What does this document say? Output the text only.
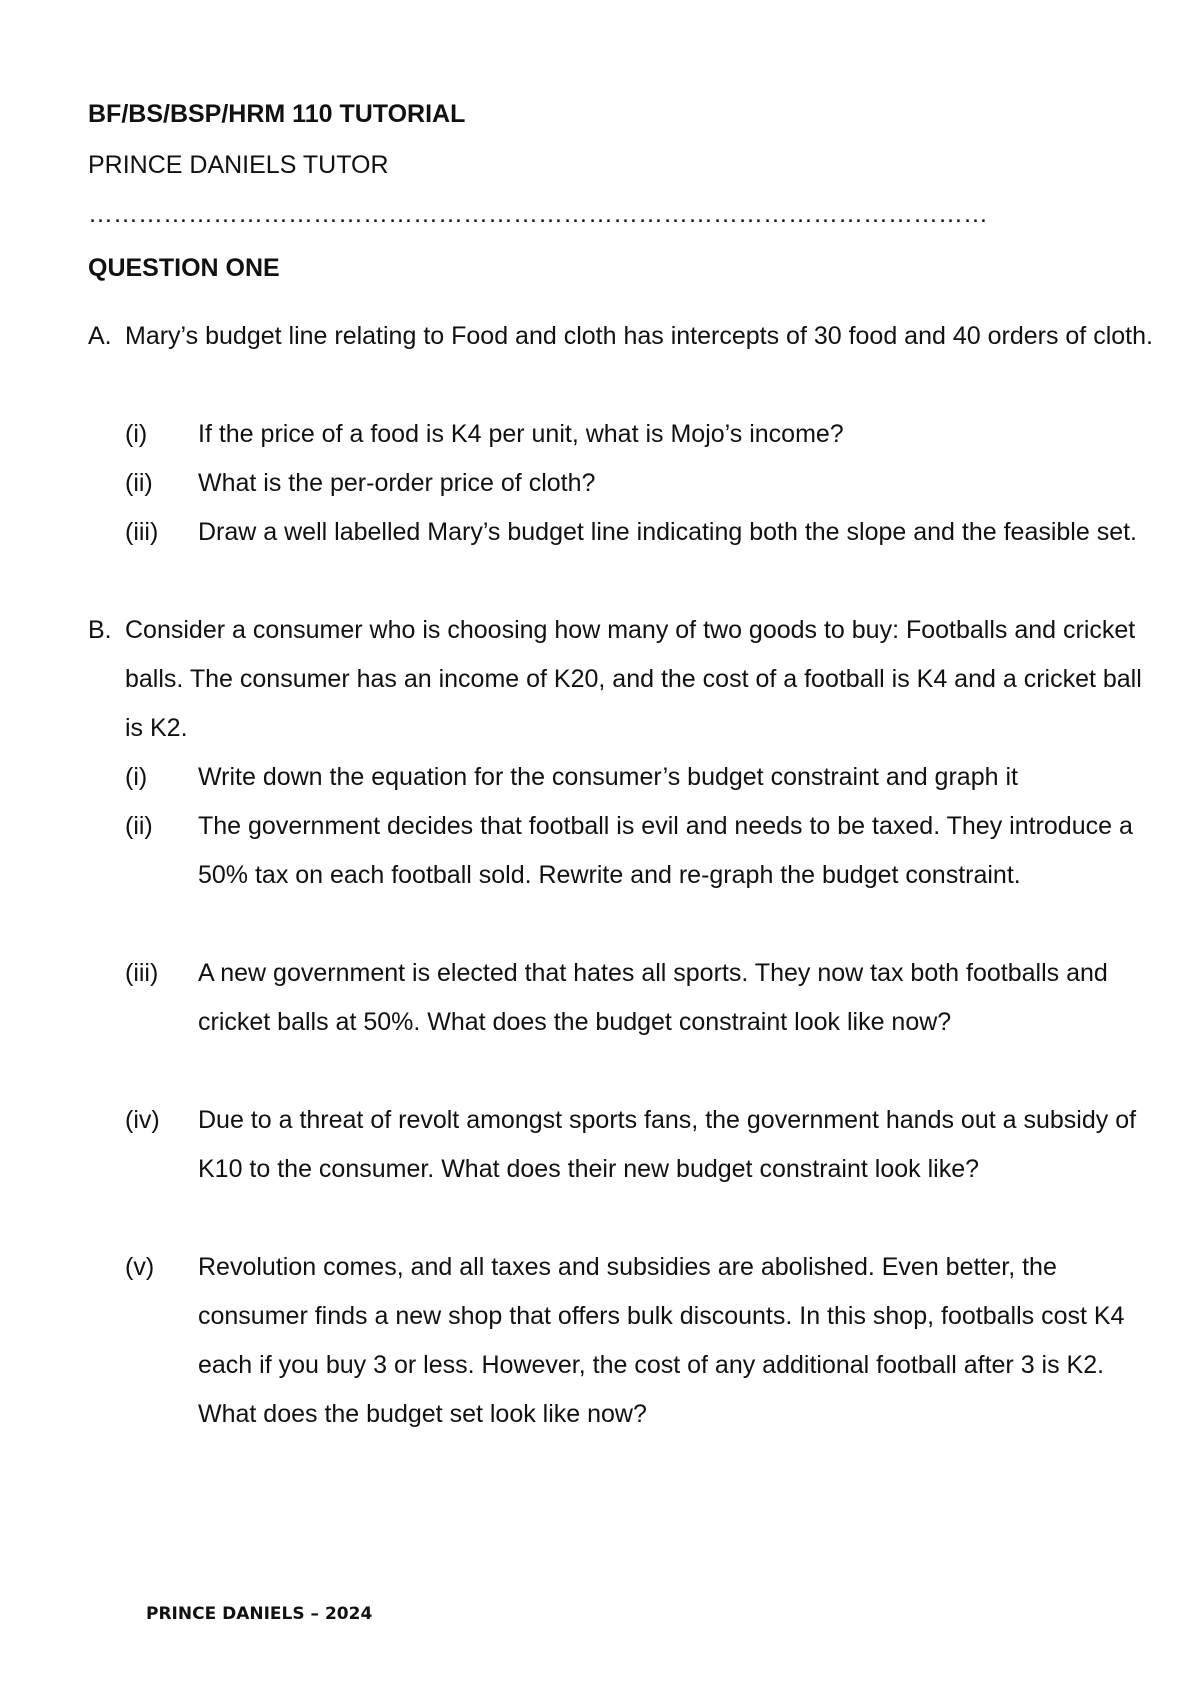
BF/BS/BSP/HRM 110 TUTORIAL

PRINCE DANIELS TUTOR

………………………………………………………………………………………………

QUESTION ONE

A. Mary’s budget line relating to Food and cloth has intercepts of 30 food and 40 orders of cloth.
(i)	If the price of a food is K4 per unit, what is Mojo’s income?
(ii)	What is the per-order price of cloth?
(iii)	Draw a well labelled Mary’s budget line indicating both the slope and the feasible set.
B. Consider a consumer who is choosing how many of two goods to buy: Footballs and cricket balls. The consumer has an income of K20, and the cost of a football is K4 and a cricket ball is K2.
(i)	Write down the equation for the consumer’s budget constraint and graph it
(ii)	The government decides that football is evil and needs to be taxed. They introduce a 50% tax on each football sold. Rewrite and re-graph the budget constraint.
(iii)	A new government is elected that hates all sports. They now tax both footballs and cricket balls at 50%. What does the budget constraint look like now?
(iv)	Due to a threat of revolt amongst sports fans, the government hands out a subsidy of K10 to the consumer. What does their new budget constraint look like?
(v)	Revolution comes, and all taxes and subsidies are abolished. Even better, the consumer finds a new shop that offers bulk discounts. In this shop, footballs cost K4 each if you buy 3 or less. However, the cost of any additional football after 3 is K2. What does the budget set look like now?

PRINCE DANIELS – 2024
